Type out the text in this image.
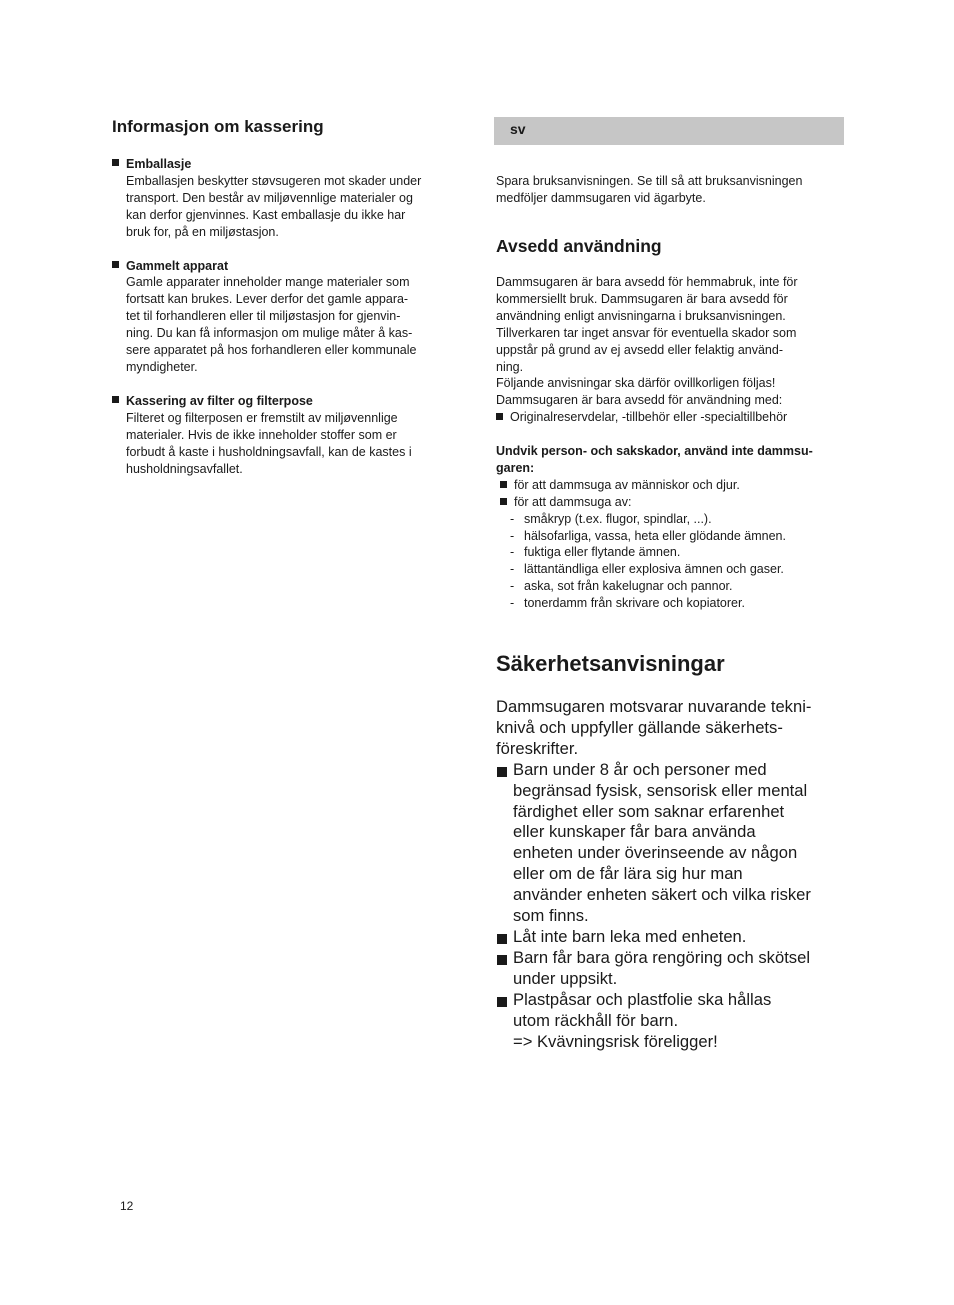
Informasjon om kassering
Emballasje
Emballasjen beskytter støvsugeren mot skader under
transport. Den består av miljøvennlige materialer og
kan derfor gjenvinnes. Kast emballasje du ikke har
bruk for, på en miljøstasjon.
Gammelt apparat
Gamle apparater inneholder mange materialer som
fortsatt kan brukes. Lever derfor det gamle appara-
tet til forhandleren eller til miljøstasjon for gjenvin-
ning. Du kan få informasjon om mulige måter å kas-
sere apparatet på hos forhandleren eller kommunale
myndigheter.
Kassering av filter og filterpose
Filteret og filterposen er fremstilt av miljøvennlige
materialer. Hvis de ikke inneholder stoffer som er
forbudt å kaste i husholdningsavfall, kan de kastes i
husholdningsavfallet.
sv
Spara bruksanvisningen. Se till så att bruksanvisningen
medföljer dammsugaren vid ägarbyte.
Avsedd användning
Dammsugaren är bara avsedd för hemmabruk, inte för
kommersiellt bruk. Dammsugaren är bara avsedd för
användning enligt anvisningarna i bruksanvisningen.
Tillverkaren tar inget ansvar för eventuella skador som
uppstår på grund av ej avsedd eller felaktig använd-
ning.
Följande anvisningar ska därför ovillkorligen följas!
Dammsugaren är bara avsedd för användning med:
Originalreservdelar, -tillbehör eller -specialtillbehör
Undvik person- och sakskador, använd inte dammsu-
garen:
för att dammsuga av människor och djur.
för att dammsuga av:
- småkryp (t.ex. flugor, spindlar, ...).
- hälsofarliga, vassa, heta eller glödande ämnen.
- fuktiga eller flytande ämnen.
- lättantändliga eller explosiva ämnen och gaser.
- aska, sot från kakelugnar och pannor.
- tonerdamm från skrivare och kopiatorer.
Säkerhetsanvisningar
Dammsugaren motsvarar nuvarande tekni-
knivå och uppfyller gällande säkerhets-
föreskrifter.
Barn under 8 år och personer med
begränsad fysisk, sensorisk eller mental
färdighet eller som saknar erfarenhet
eller kunskaper får bara använda
enheten under överinseende av någon
eller om de får lära sig hur man
använder enheten säkert och vilka risker
som finns.
Låt inte barn leka med enheten.
Barn får bara göra rengöring och skötsel
under uppsikt.
Plastpåsar och plastfolie ska hållas
utom räckhåll för barn.
=> Kvävningsrisk föreligger!
12
